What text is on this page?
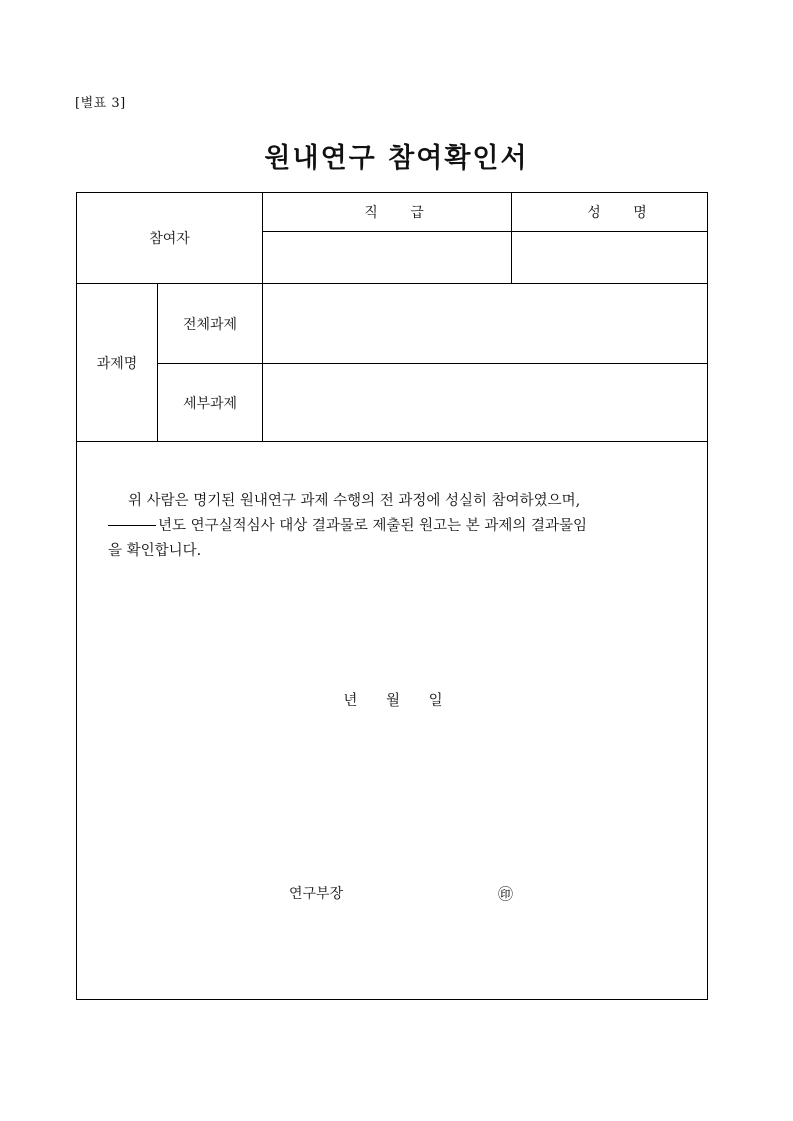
[별표 3]
원내연구 참여확인서
참여자
직 급	성 명
과제명
전체과제
세부과제
위 사람은 명기된 원내연구 과제 수행의 전 과정에 성실히 참여하였으며,
년도 연구실적심사 대상 결과물로 제출된 원고는 본 과제의 결과물임
을 확인합니다.
년 월 일
연구부장	㊞
